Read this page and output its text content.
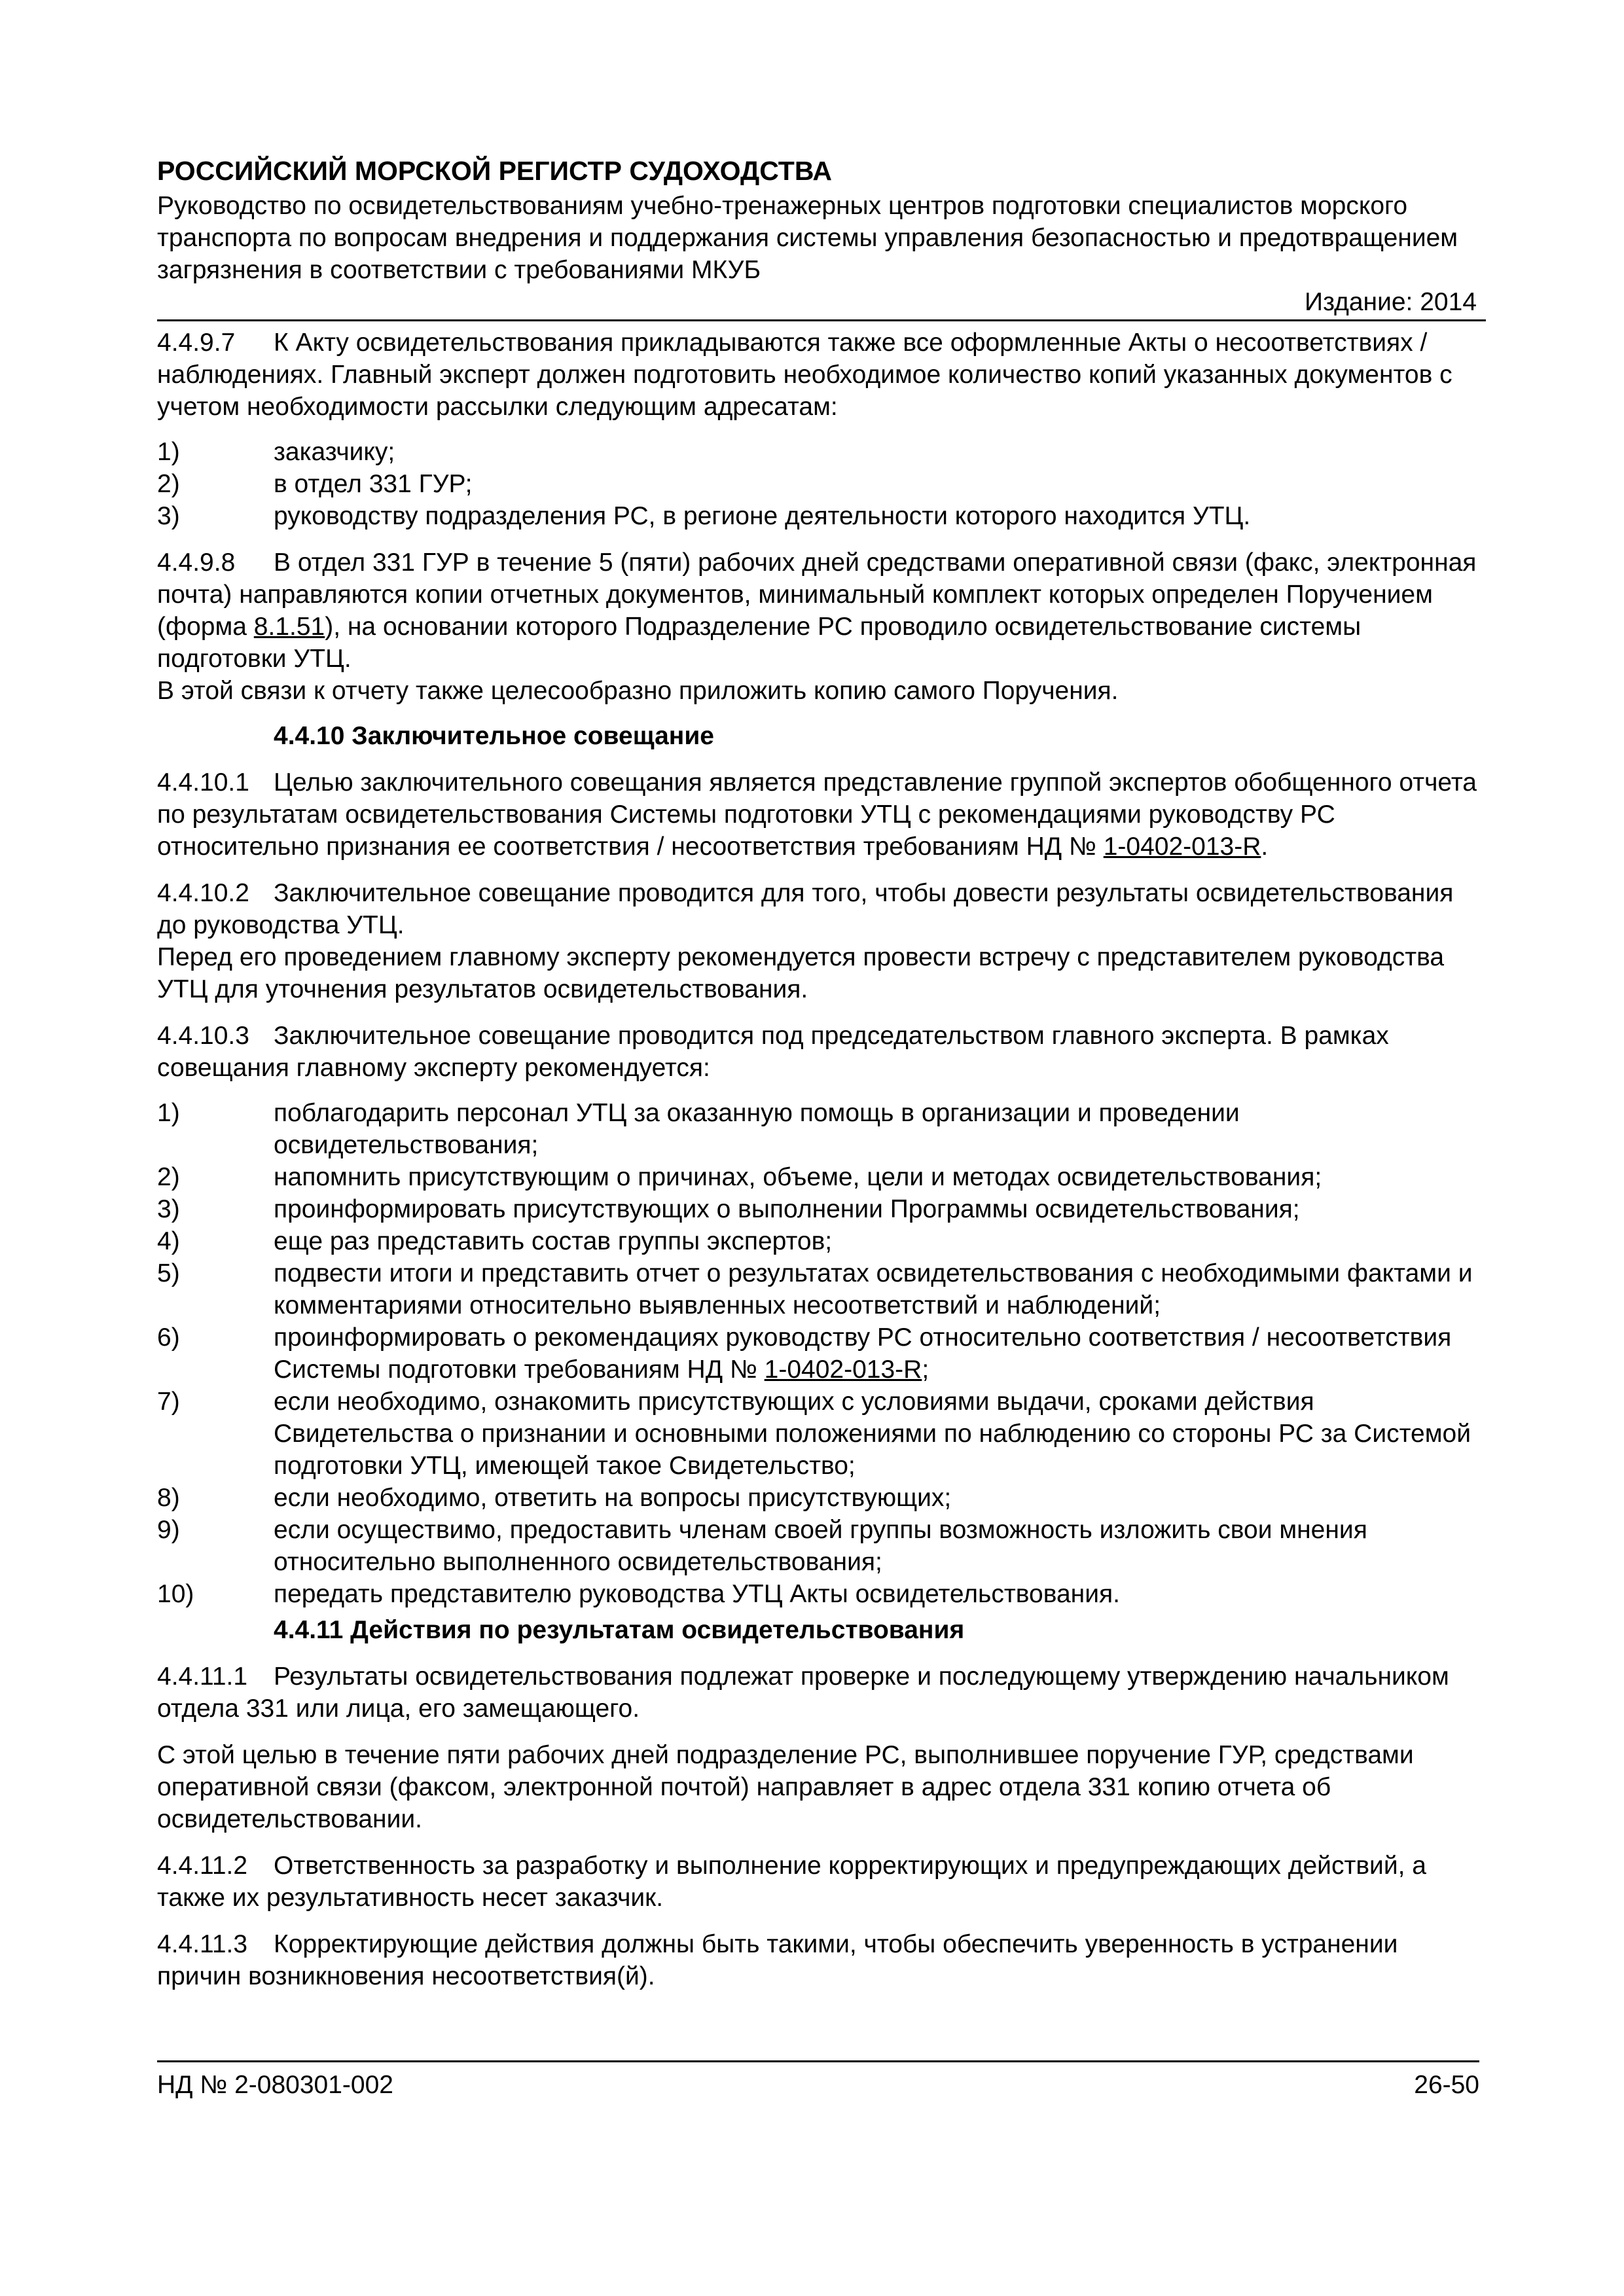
РОССИЙСКИЙ МОРСКОЙ РЕГИСТР СУДОХОДСТВА

Руководство по освидетельствованиям учебно-тренажерных центров подготовки специалистов морского транспорта по вопросам внедрения и поддержания системы управления безопасностью и предотвращением загрязнения в соответствии с требованиями МКУБ

Издание: 2014

4.4.9.7 К Акту освидетельствования прикладываются также все оформленные Акты о несоответствиях / наблюдениях. Главный эксперт должен подготовить необходимое количество копий указанных документов с учетом необходимости рассылки следующим адресатам:

1)	заказчику;
2)	в отдел 331 ГУР;
3)	руководству подразделения РС, в регионе деятельности которого находится УТЦ.

4.4.9.8 В отдел 331 ГУР в течение 5 (пяти) рабочих дней средствами оперативной связи (факс, электронная почта) направляются копии отчетных документов, минимальный комплект которых определен Поручением (форма 8.1.51), на основании которого Подразделение РС проводило освидетельствование системы подготовки УТЦ.
В этой связи к отчету также целесообразно приложить копию самого Поручения.

4.4.10 Заключительное совещание

4.4.10.1 Целью заключительного совещания является представление группой экспертов обобщенного отчета по результатам освидетельствования Системы подготовки УТЦ с рекомендациями руководству РС относительно признания ее соответствия / несоответствия требованиям НД № 1-0402-013-R.

4.4.10.2 Заключительное совещание проводится для того, чтобы довести результаты освидетельствования до руководства УТЦ.
Перед его проведением главному эксперту рекомендуется провести встречу с представителем руководства УТЦ для уточнения результатов освидетельствования.

4.4.10.3 Заключительное совещание проводится под председательством главного эксперта. В рамках совещания главному эксперту рекомендуется:

1)	поблагодарить персонал УТЦ за оказанную помощь в организации и проведении освидетельствования;
2)	напомнить присутствующим о причинах, объеме, цели и методах освидетельствования;
3)	проинформировать присутствующих о выполнении Программы освидетельствования;
4)	еще раз представить состав группы экспертов;
5)	подвести итоги и представить отчет о результатах освидетельствования с необходимыми фактами и комментариями относительно выявленных несоответствий и наблюдений;
6)	проинформировать о рекомендациях руководству РС относительно соответствия / несоответствия Системы подготовки требованиям НД № 1-0402-013-R;
7)	если необходимо, ознакомить присутствующих с условиями выдачи, сроками действия Свидетельства о признании и основными положениями по наблюдению со стороны РС за Системой подготовки УТЦ, имеющей такое Свидетельство;
8)	если необходимо, ответить на вопросы присутствующих;
9)	если осуществимо, предоставить членам своей группы возможность изложить свои мнения относительно выполненного освидетельствования;
10)	передать представителю руководства УТЦ Акты освидетельствования.
4.4.11 Действия по результатам освидетельствования

4.4.11.1 Результаты освидетельствования подлежат проверке и последующему утверждению начальником отдела 331 или лица, его замещающего.

С этой целью в течение пяти рабочих дней подразделение РС, выполнившее поручение ГУР, средствами оперативной связи (факсом, электронной почтой) направляет в адрес отдела 331 копию отчета об освидетельствовании.

4.4.11.2 Ответственность за разработку и выполнение корректирующих и предупреждающих действий, а также их результативность несет заказчик.

4.4.11.3 Корректирующие действия должны быть такими, чтобы обеспечить уверенность в устранении причин возникновения несоответствия(й).

НД № 2-080301-002	26-50
